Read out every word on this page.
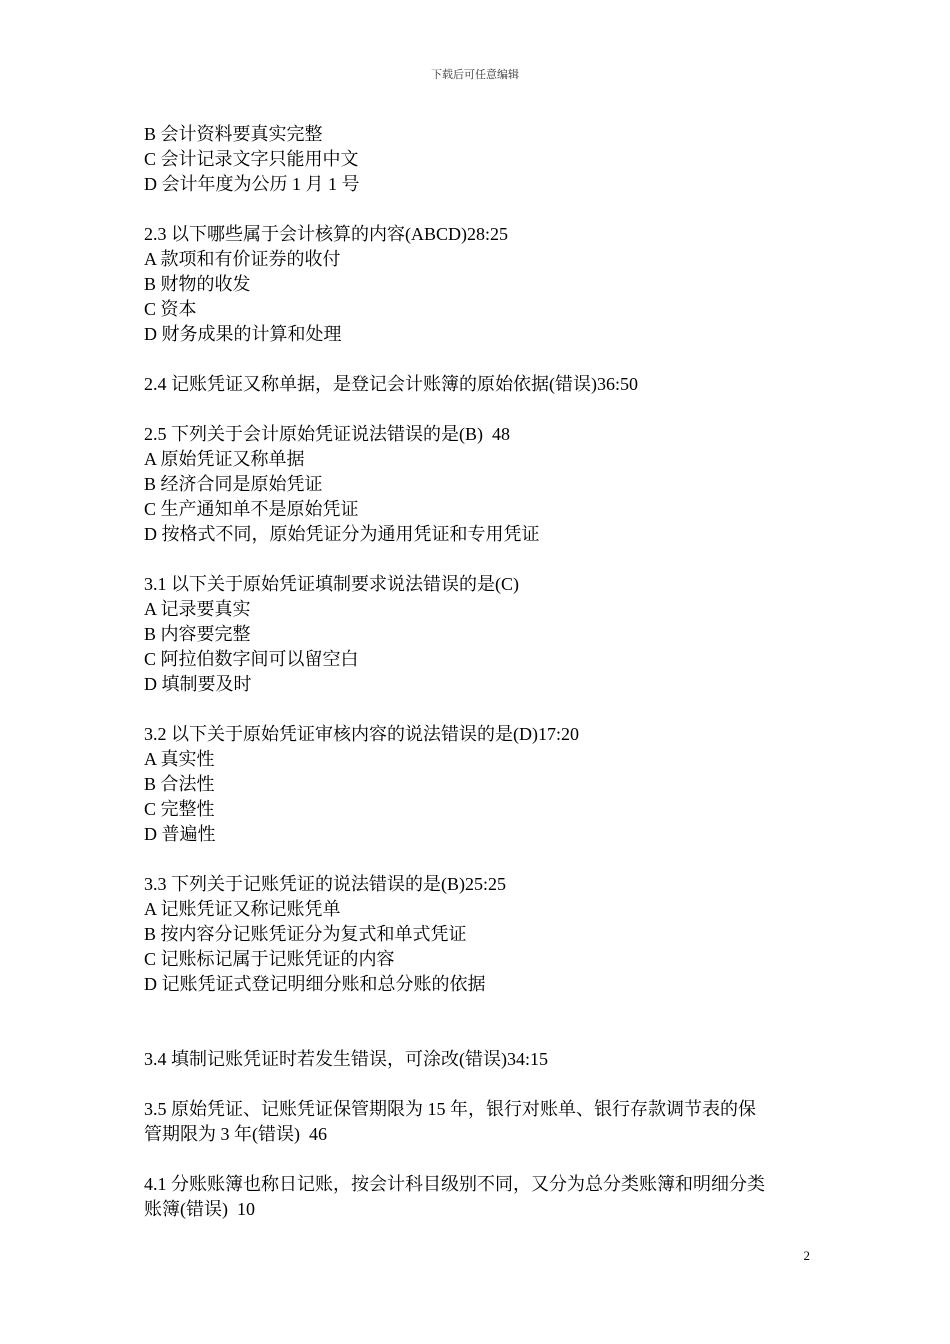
下载后可任意编辑

B 会计资料要真实完整

C 会计记录文字只能用中文

D 会计年度为公历 1 月 1 号

2.3 以下哪些属于会计核算的内容(ABCD)28:25

A 款项和有价证券的收付

B 财物的收发

C 资本

D 财务成果的计算和处理

2.4 记账凭证又称单据，是登记会计账簿的原始依据(错误)36:50

2.5 下列关于会计原始凭证说法错误的是(B)  48

A 原始凭证又称单据

B 经济合同是原始凭证

C 生产通知单不是原始凭证

D 按格式不同，原始凭证分为通用凭证和专用凭证

3.1 以下关于原始凭证填制要求说法错误的是(C)

A 记录要真实

B 内容要完整

C 阿拉伯数字间可以留空白

D 填制要及时

3.2 以下关于原始凭证审核内容的说法错误的是(D)17:20

A 真实性

B 合法性

C 完整性

D 普遍性

3.3 下列关于记账凭证的说法错误的是(B)25:25

A 记账凭证又称记账凭单

B 按内容分记账凭证分为复式和单式凭证

C 记账标记属于记账凭证的内容

D 记账凭证式登记明细分账和总分账的依据

3.4 填制记账凭证时若发生错误，可涂改(错误)34:15

3.5 原始凭证、记账凭证保管期限为 15 年，银行对账单、银行存款调节表的保

管期限为 3 年(错误)  46

4.1 分账账簿也称日记账，按会计科目级别不同，又分为总分类账簿和明细分类

账簿(错误)  10

2
